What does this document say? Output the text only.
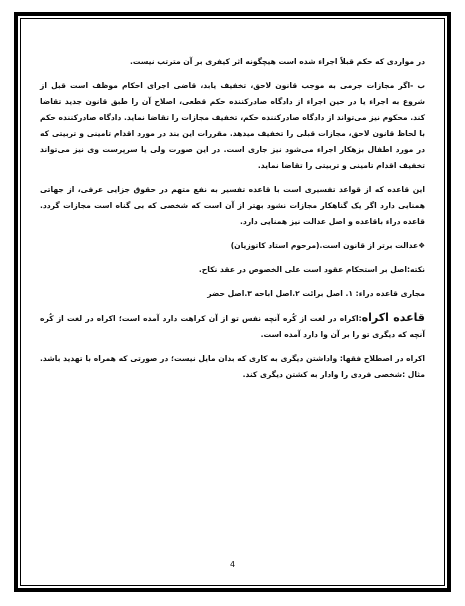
در مواردی که حکم قبلاً اجراء شده است هیچگونه اثر کیفری بر آن مترتب نیست.

ب -اگر مجازات جرمی به موجب قانون لاحق، تخفیف یابد، قاضی اجرای احکام موظف است قبل از شروع به اجراء یا در حین اجراء از دادگاه صادرکننده حکم قطعی، اصلاح آن را طبق قانون جدید تقاضا کند. محکوم نیز می‌تواند از دادگاه صادرکننده حکم، تخفیف مجازات را تقاضا نماید. دادگاه صادرکننده حکم با لحاظ قانون لاحق، مجازات قبلی را تخفیف میدهد. مقررات این بند در مورد اقدام تامینی و تربیتی که در مورد اطفال بزهکار اجراء می‌شود نیز جاری است. در این صورت ولی یا سرپرست وی نیز می‌تواند تخفیف اقدام تامینی و تربیتی را تقاضا نماید.

این قاعده که از قواعد تفسیری است با قاعده تفسیر به نفع متهم در حقوق جزایی عرفی، از جهاتی همنایی دارد اگر یک گناهکار مجازات نشود بهتر از آن است که شخصی که بی گناه است مجازات گردد. قاعده دراء باقاعده و اصل عدالت نیز همنایی دارد.

❖عدالت برتر از قانون است.(مرحوم استاد کاتوزیان)

نکته:اصل بر استحکام عقود است علی الخصوص در عقد نکاح.

مجاری قاعده دراء: ١. اصل برائت ٢.اصل اباحه ٣.اصل حضر

قاعده اکراه:اکراه در لغت از کُره آنچه نفس تو از آن کراهت دارد آمده است؛ اکراه در لغت از کُره آنچه که دیگری تو را بر آن وا دارد آمده است.

اکراه در اصطلاح فقها: واداشتن دیگری به کاری که بدان مایل نیست؛ در صورتی که همراه با تهدید باشد. مثال :شخصی فردی را وادار به کشتن دیگری کند.

4
